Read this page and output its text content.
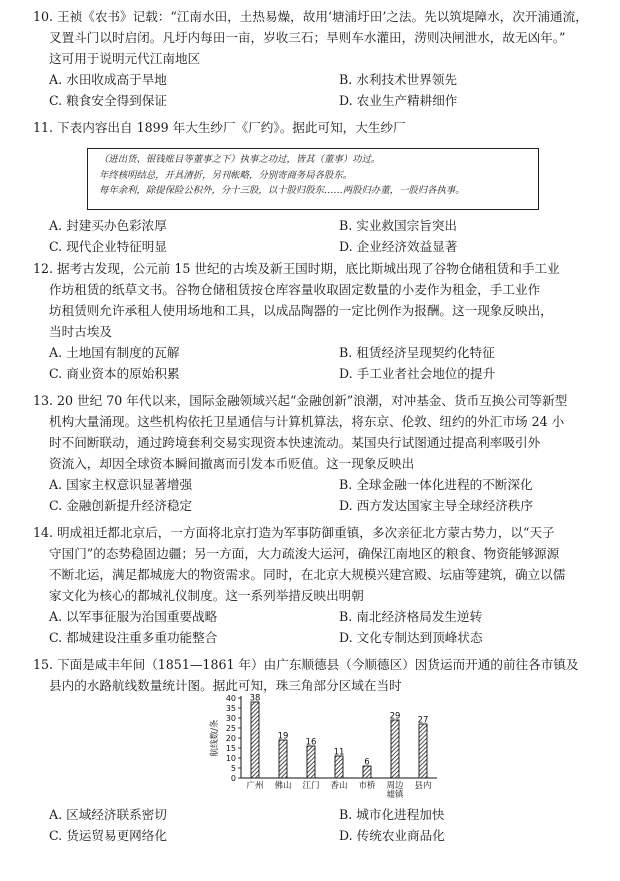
10. 王祯《农书》记载：“江南水田，土热易燥，故用‘塘浦圩田’之法。先以筑堤障水，次开浦通流，

叉置斗门以时启闭。凡圩内每田一亩，岁收三石；旱则车水灌田，涝则决闸泄水，故无凶年。”

这可用于说明元代江南地区

A. 水田收成高于旱地	B. 水利技术世界领先
C. 粮食安全得到保证	D. 农业生产精耕细作

11. 下表内容出自 1899 年大生纱厂《厂约》。据此可知，大生纱厂

（进出货、银钱账目等董事之下）执事之功过，皆其（董事）功过。
年终核明结总，开具清折，另刊帐略，分别寄商务局各股东。
每年余利，除提保险公积外，分十三股，以十股归股东……两股归办董，一股归各执事。
A. 封建买办色彩浓厚	B. 实业救国宗旨突出
C. 现代企业特征明显	D. 企业经济效益显著

12. 据考古发现，公元前 15 世纪的古埃及新王国时期，底比斯城出现了谷物仓储租赁和手工业

作坊租赁的纸草文书。谷物仓储租赁按仓库容量收取固定数量的小麦作为租金，手工业作

坊租赁则允许承租人使用场地和工具，以成品陶器的一定比例作为报酬。这一现象反映出，

当时古埃及

A. 土地国有制度的瓦解	B. 租赁经济呈现契约化特征
C. 商业资本的原始积累	D. 手工业者社会地位的提升

13. 20 世纪 70 年代以来，国际金融领域兴起“金融创新”浪潮，对冲基金、货币互换公司等新型

机构大量涌现。这些机构依托卫星通信与计算机算法，将东京、伦敦、纽约的外汇市场 24 小

时不间断联动，通过跨境套利交易实现资本快速流动。某国央行试图通过提高利率吸引外

资流入，却因全球资本瞬间撤离而引发本币贬值。这一现象反映出

A. 国家主权意识显著增强	B. 全球金融一体化进程的不断深化
C. 金融创新提升经济稳定	D. 西方发达国家主导全球经济秩序

14. 明成祖迁都北京后，一方面将北京打造为军事防御重镇，多次亲征北方蒙古势力，以“天子

守国门”的态势稳固边疆；另一方面，大力疏浚大运河，确保江南地区的粮食、物资能够源源

不断北运，满足都城庞大的物资需求。同时，在北京大规模兴建宫殿、坛庙等建筑，确立以儒

家文化为核心的都城礼仪制度。这一系列举措反映出明朝

A. 以军事征服为治国重要战略	B. 南北经济格局发生逆转
C. 都城建设注重多重功能整合	D. 文化专制达到顶峰状态

15. 下面是咸丰年间（1851—1861 年）由广东顺德县（今顺德区）因货运而开通的前往各市镇及

县内的水路航线数量统计图。据此可知，珠三角部分区域在当时

0
5
10
15
20
25
30
35
40
航线数/条
38
广州
19
佛山
16
江门
11
香山
6
市桥
29
周边
墟镇
27
县内
A. 区域经济联系密切	B. 城市化进程加快
C. 货运贸易更网络化	D. 传统农业商品化
